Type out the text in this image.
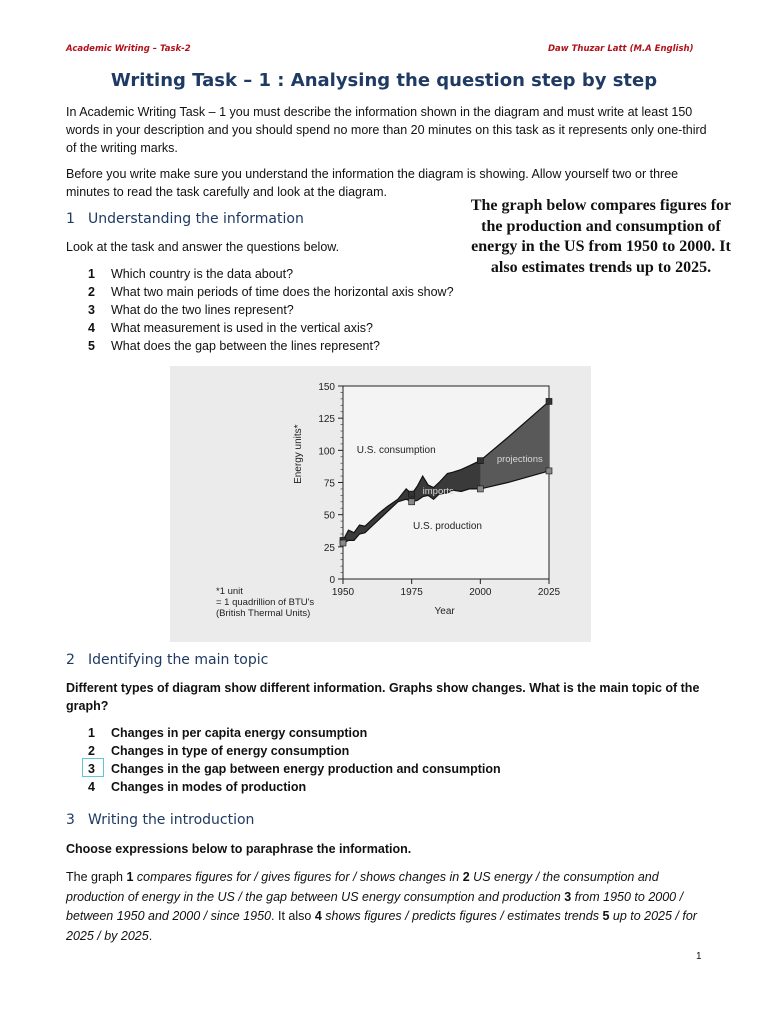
Academic Writing – Task-2	Daw Thuzar Latt (M.A English)
Writing Task – 1 : Analysing the question step by step
In Academic Writing Task – 1 you must describe the information shown in the diagram and must write at least 150 words in your description and you should spend no more than 20 minutes on this task as it represents only one-third of the writing marks.
Before you write make sure you understand the information the diagram is showing. Allow yourself two or three minutes to read the task carefully and look at the diagram.
The graph below compares figures for the production and consumption of energy in the US from 1950 to 2000. It also estimates trends up to 2025.
1 Understanding the information
Look at the task and answer the questions below.
1 Which country is the data about?
2 What two main periods of time does the horizontal axis show?
3 What do the two lines represent?
4 What measurement is used in the vertical axis?
5 What does the gap between the lines represent?
0
25
50
75
100
125
150
1950	1975	2000	2025
Year
Energy units*	U.S. consumption
U.S. production
imports
projections
*1 unit
= 1 quadrillion of BTU's
(British Thermal Units)
2 Identifying the main topic
Different types of diagram show different information. Graphs show changes. What is the main topic of the graph?
1 Changes in per capita energy consumption
2 Changes in type of energy consumption
3 Changes in the gap between energy production and consumption
4 Changes in modes of production
3 Writing the introduction
Choose expressions below to paraphrase the information.
The graph 1 compares figures for / gives figures for / shows changes in 2 US energy / the consumption and production of energy in the US / the gap between US energy consumption and production 3 from 1950 to 2000 / between 1950 and 2000 / since 1950. It also 4 shows figures / predicts figures / estimates trends 5 up to 2025 / for 2025 / by 2025.
1
